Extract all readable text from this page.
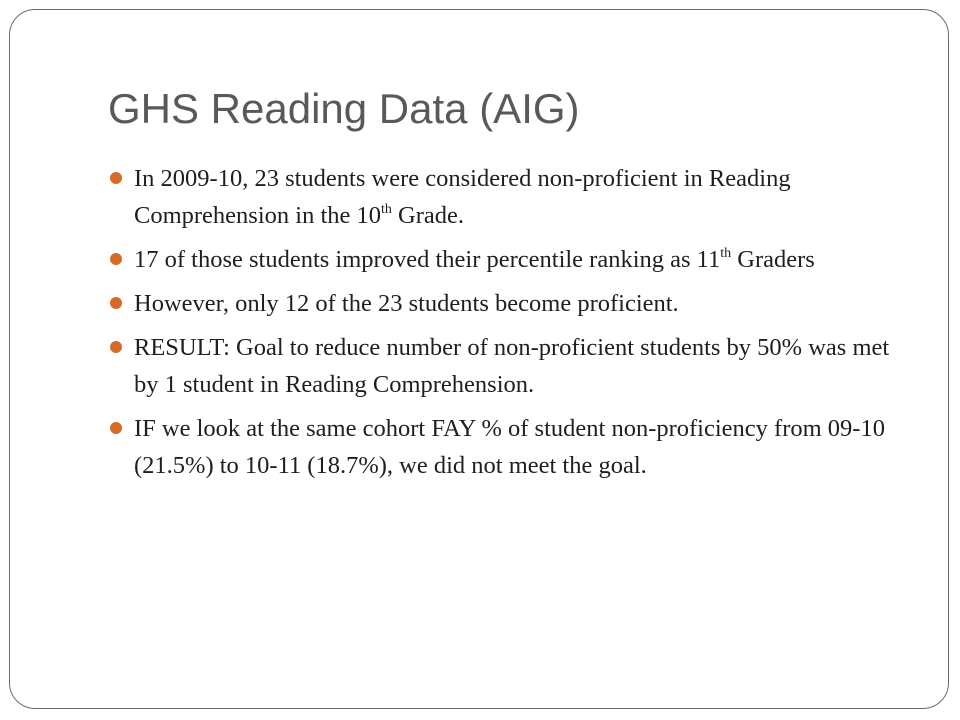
GHS Reading Data (AIG)
In 2009-10, 23 students were considered non-proficient in Reading Comprehension in the 10th Grade.
17 of those students improved their percentile ranking as 11th Graders
However, only 12 of the 23 students become proficient.
RESULT: Goal to reduce number of non-proficient students by 50% was met by 1 student in Reading Comprehension.
IF we look at the same cohort FAY % of student non-proficiency from 09-10 (21.5%) to 10-11 (18.7%), we did not meet the goal.
